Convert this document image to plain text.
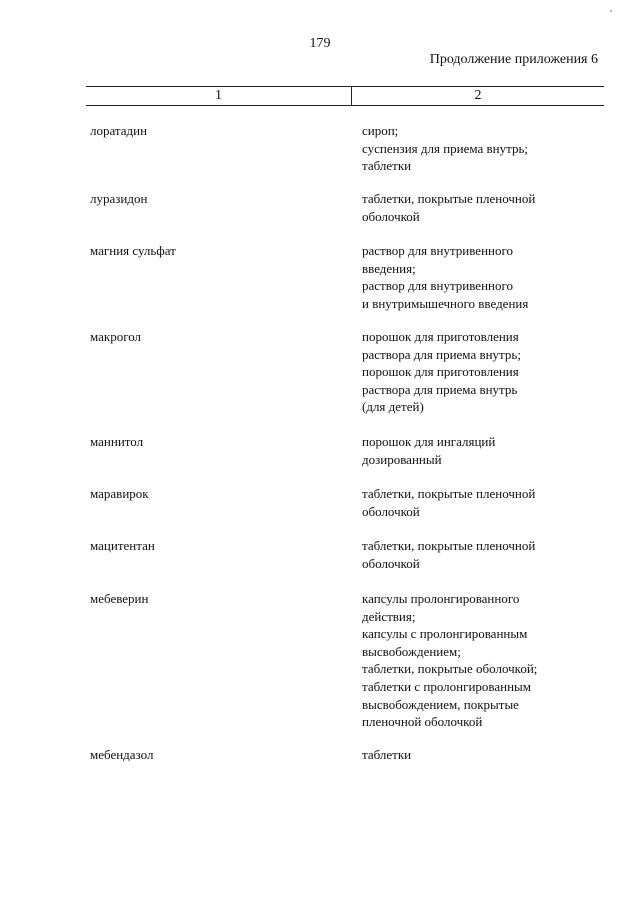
179
Продолжение приложения 6
1	2
лоратадин	сироп;
суспензия для приема внутрь;
таблетки
луразидон	таблетки, покрытые пленочной
оболочкой
магния сульфат	раствор для внутривенного
введения;
раствор для внутривенного
и внутримышечного введения
макрогол	порошок для приготовления
раствора для приема внутрь;
порошок для приготовления
раствора для приема внутрь
(для детей)
маннитол	порошок для ингаляций
дозированный
маравирок	таблетки, покрытые пленочной
оболочкой
мацитентан	таблетки, покрытые пленочной
оболочкой
мебеверин	капсулы пролонгированного
действия;
капсулы с пролонгированным
высвобождением;
таблетки, покрытые оболочкой;
таблетки с пролонгированным
высвобождением, покрытые
пленочной оболочкой
мебендазол	таблетки
